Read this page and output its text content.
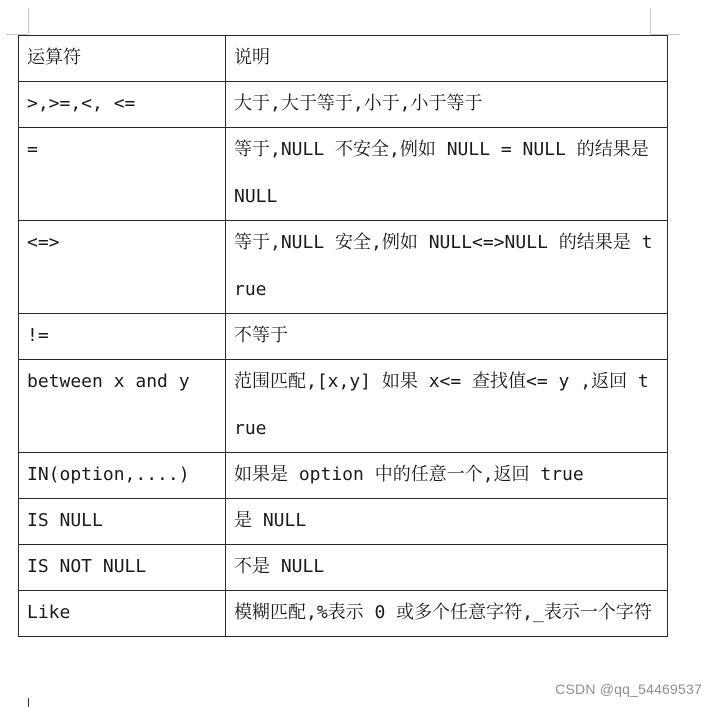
运算符	说明

>,>=,<, <=	大于,大于等于,小于,小于等于

=	等于,NULL 不安全,例如 NULL = NULL 的结果是 NULL

<=>	等于,NULL 安全,例如 NULL<=>NULL 的结果是 true

!=	不等于

between x and y	范围匹配,[x,y] 如果 x<= 查找值<= y ,返回 true

IN(option,....)	如果是 option 中的任意一个,返回 true

IS NULL	是 NULL

IS NOT NULL	不是 NULL

Like	模糊匹配,%表示 0 或多个任意字符,_表示一个字符
CSDN @qq_54469537
